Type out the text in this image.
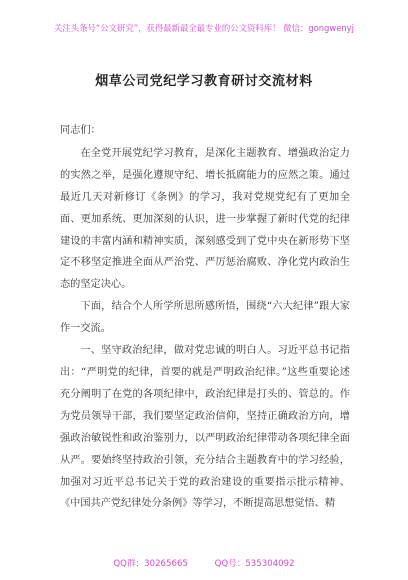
关注头条号“公文研究”，获得最新最全最专业的公文资料库！ 微信：gongwenyj
烟草公司党纪学习教育研讨交流材料

同志们：

在全党开展党纪学习教育，是深化主题教育、增强政治定力的实然之举，是强化遵规守纪、增长抵腐能力的应然之策。通过最近几天对新修订《条例》的学习，我对党规党纪有了更加全面、更加系统、更加深刻的认识，进一步掌握了新时代党的纪律建设的丰富内涵和精神实质，深刻感受到了党中央在新形势下坚定不移坚定推进全面从严治党、严厉惩治腐败、净化党内政治生态的坚定决心。

下面，结合个人所学所思所感所悟，围绕“六大纪律”跟大家作一交流。

一、坚守政治纪律，做对党忠诚的明白人。习近平总书记指出：“严明党的纪律，首要的就是严明政治纪律。”这些重要论述充分阐明了在党的各项纪律中，政治纪律是打头的、管总的。作为党员领导干部，我们要坚定政治信仰，坚持正确政治方向，增强政治敏锐性和政治鉴别力，以严明政治纪律带动各项纪律全面从严。要始终坚持政治引领，充分结合主题教育中的学习经验，加强对习近平总书记关于党的政治建设的重要指示批示精神、《中国共产党纪律处分条例》等学习，不断提高思想觉悟、精

QQ群：30265665	QQ号：535304092
